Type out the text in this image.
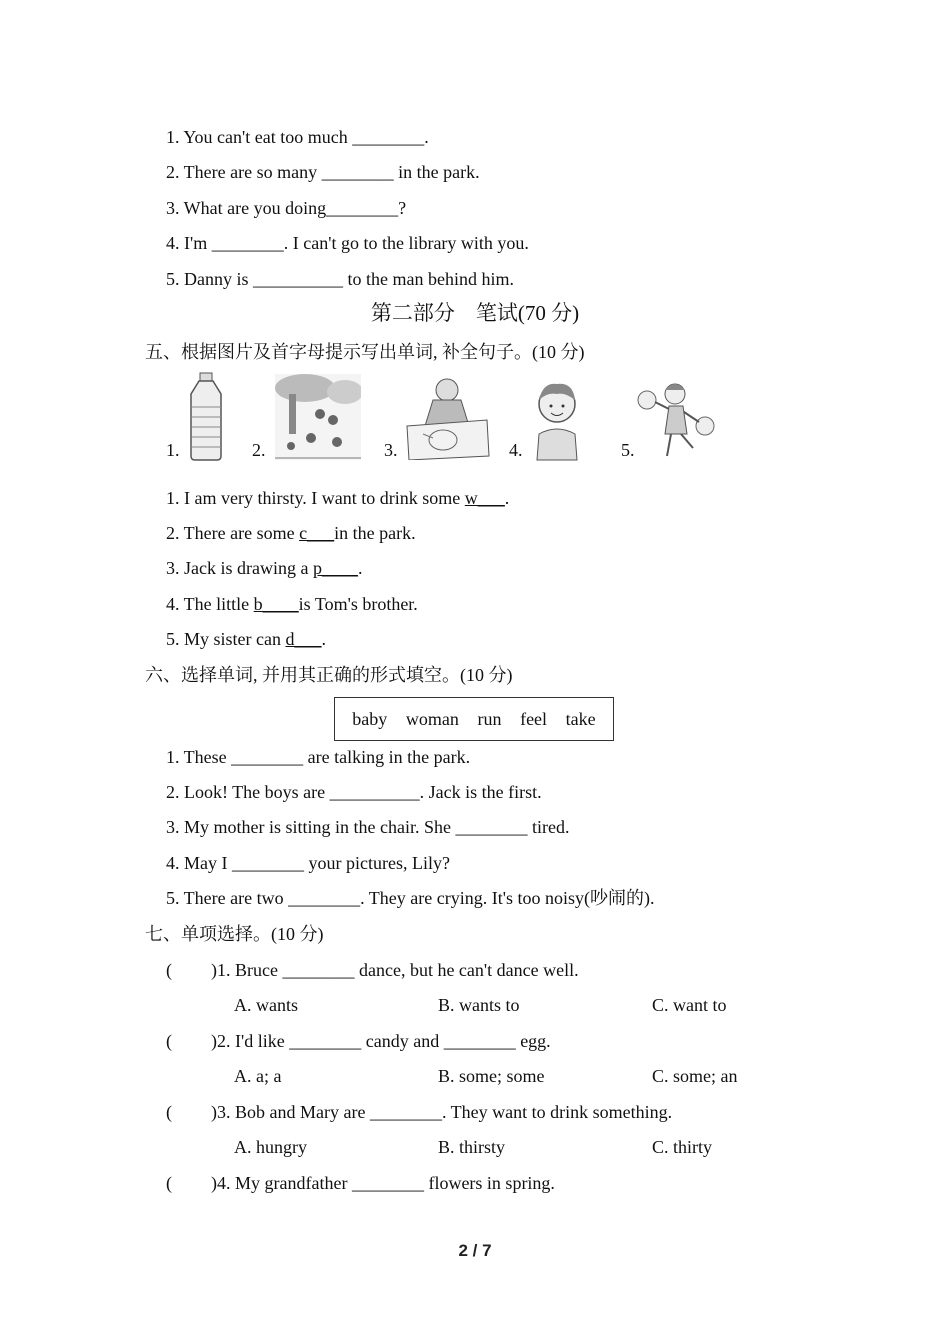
1. You can't eat too much ________.
2. There are so many ________ in the park.
3. What are you doing________?
4. I'm ________. I can't go to the library with you.
5. Danny is __________ to the man behind him.
第二部分　笔试(70 分)
五、根据图片及首字母提示写出单词, 补全句子。(10 分)
1.	2.	3.	4.	5.
1. I am very thirsty. I want to drink some w___.
2. There are some c___in the park.
3. Jack is drawing a p____.
4. The little b____is Tom's brother.
5. My sister can d___.
六、选择单词, 并用其正确的形式填空。(10 分)
baby woman run feel take
1. These ________ are talking in the park.
2. Look! The boys are __________. Jack is the first.
3. My mother is sitting in the chair. She ________ tired.
4. May I ________ your pictures, Lily?
5. There are two ________. They are crying. It's too noisy(吵闹的).
七、单项选择。(10 分)
( )1. Bruce ________ dance, but he can't dance well.
A. wants	B. wants to	C. want to
( )2. I'd like ________ candy and ________ egg.
A. a; a	B. some; some	C. some; an
( )3. Bob and Mary are ________. They want to drink something.
A. hungry	B. thirsty	C. thirty
( )4. My grandfather ________ flowers in spring.
2 / 7
